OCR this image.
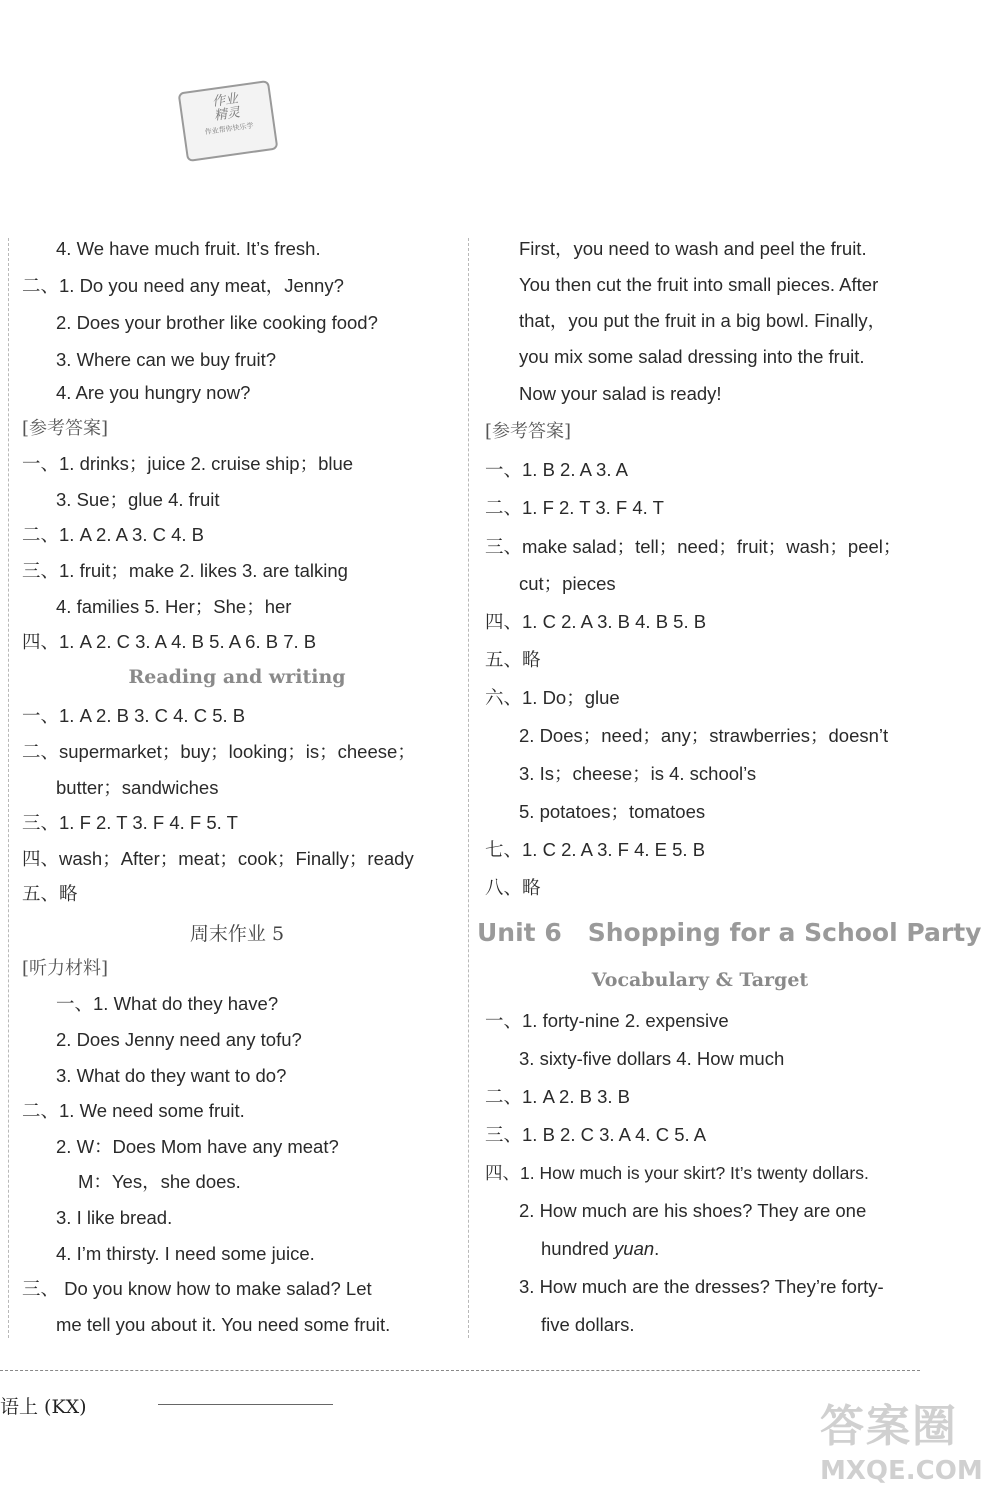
作业
精灵
作业帮你快乐学
4. We have much fruit. It’s fresh.
二、1. Do you need any meat，Jenny?
2. Does your brother like cooking food?
3. Where can we buy fruit?
4. Are you hungry now?
[参考答案]
一、1. drinks；juice 2. cruise ship；blue
3. Sue；glue 4. fruit
二、1. A 2. A 3. C 4. B
三、1. fruit；make 2. likes 3. are talking
4. families 5. Her；She；her
四、1. A 2. C 3. A 4. B 5. A 6. B 7. B
Reading and writing
一、1. A 2. B 3. C 4. C 5. B
二、supermarket；buy；looking；is；cheese；
butter；sandwiches
三、1. F 2. T 3. F 4. F 5. T
四、wash；After；meat；cook；Finally；ready
五、略
周末作业 5
[听力材料]
一、1. What do they have?
2. Does Jenny need any tofu?
3. What do they want to do?
二、1. We need some fruit.
2. W：Does Mom have any meat?
M：Yes，she does.
3. I like bread.
4. I’m thirsty. I need some juice.
三、 Do you know how to make salad? Let
me tell you about it. You need some fruit.
First，you need to wash and peel the fruit.
You then cut the fruit into small pieces. After
that，you put the fruit in a big bowl. Finally，
you mix some salad dressing into the fruit.
Now your salad is ready!
[参考答案]
一、1. B 2. A 3. A
二、1. F 2. T 3. F 4. T
三、make salad；tell；need；fruit；wash；peel；
cut；pieces
四、1. C 2. A 3. B 4. B 5. B
五、略
六、1. Do；glue
2. Does；need；any；strawberries；doesn’t
3. Is；cheese；is 4. school’s
5. potatoes；tomatoes
七、1. C 2. A 3. F 4. E 5. B
八、略
Unit 6 Shopping for a School Party
Vocabulary & Target
一、1. forty-nine 2. expensive
3. sixty-five dollars 4. How much
二、1. A 2. B 3. B
三、1. B 2. C 3. A 4. C 5. A
四、1. How much is your skirt? It’s twenty dollars.
2. How much are his shoes? They are one
hundred yuan.
3. How much are the dresses? They’re forty-
five dollars.
语上 (KX)	答案圈
MXQE.COM
